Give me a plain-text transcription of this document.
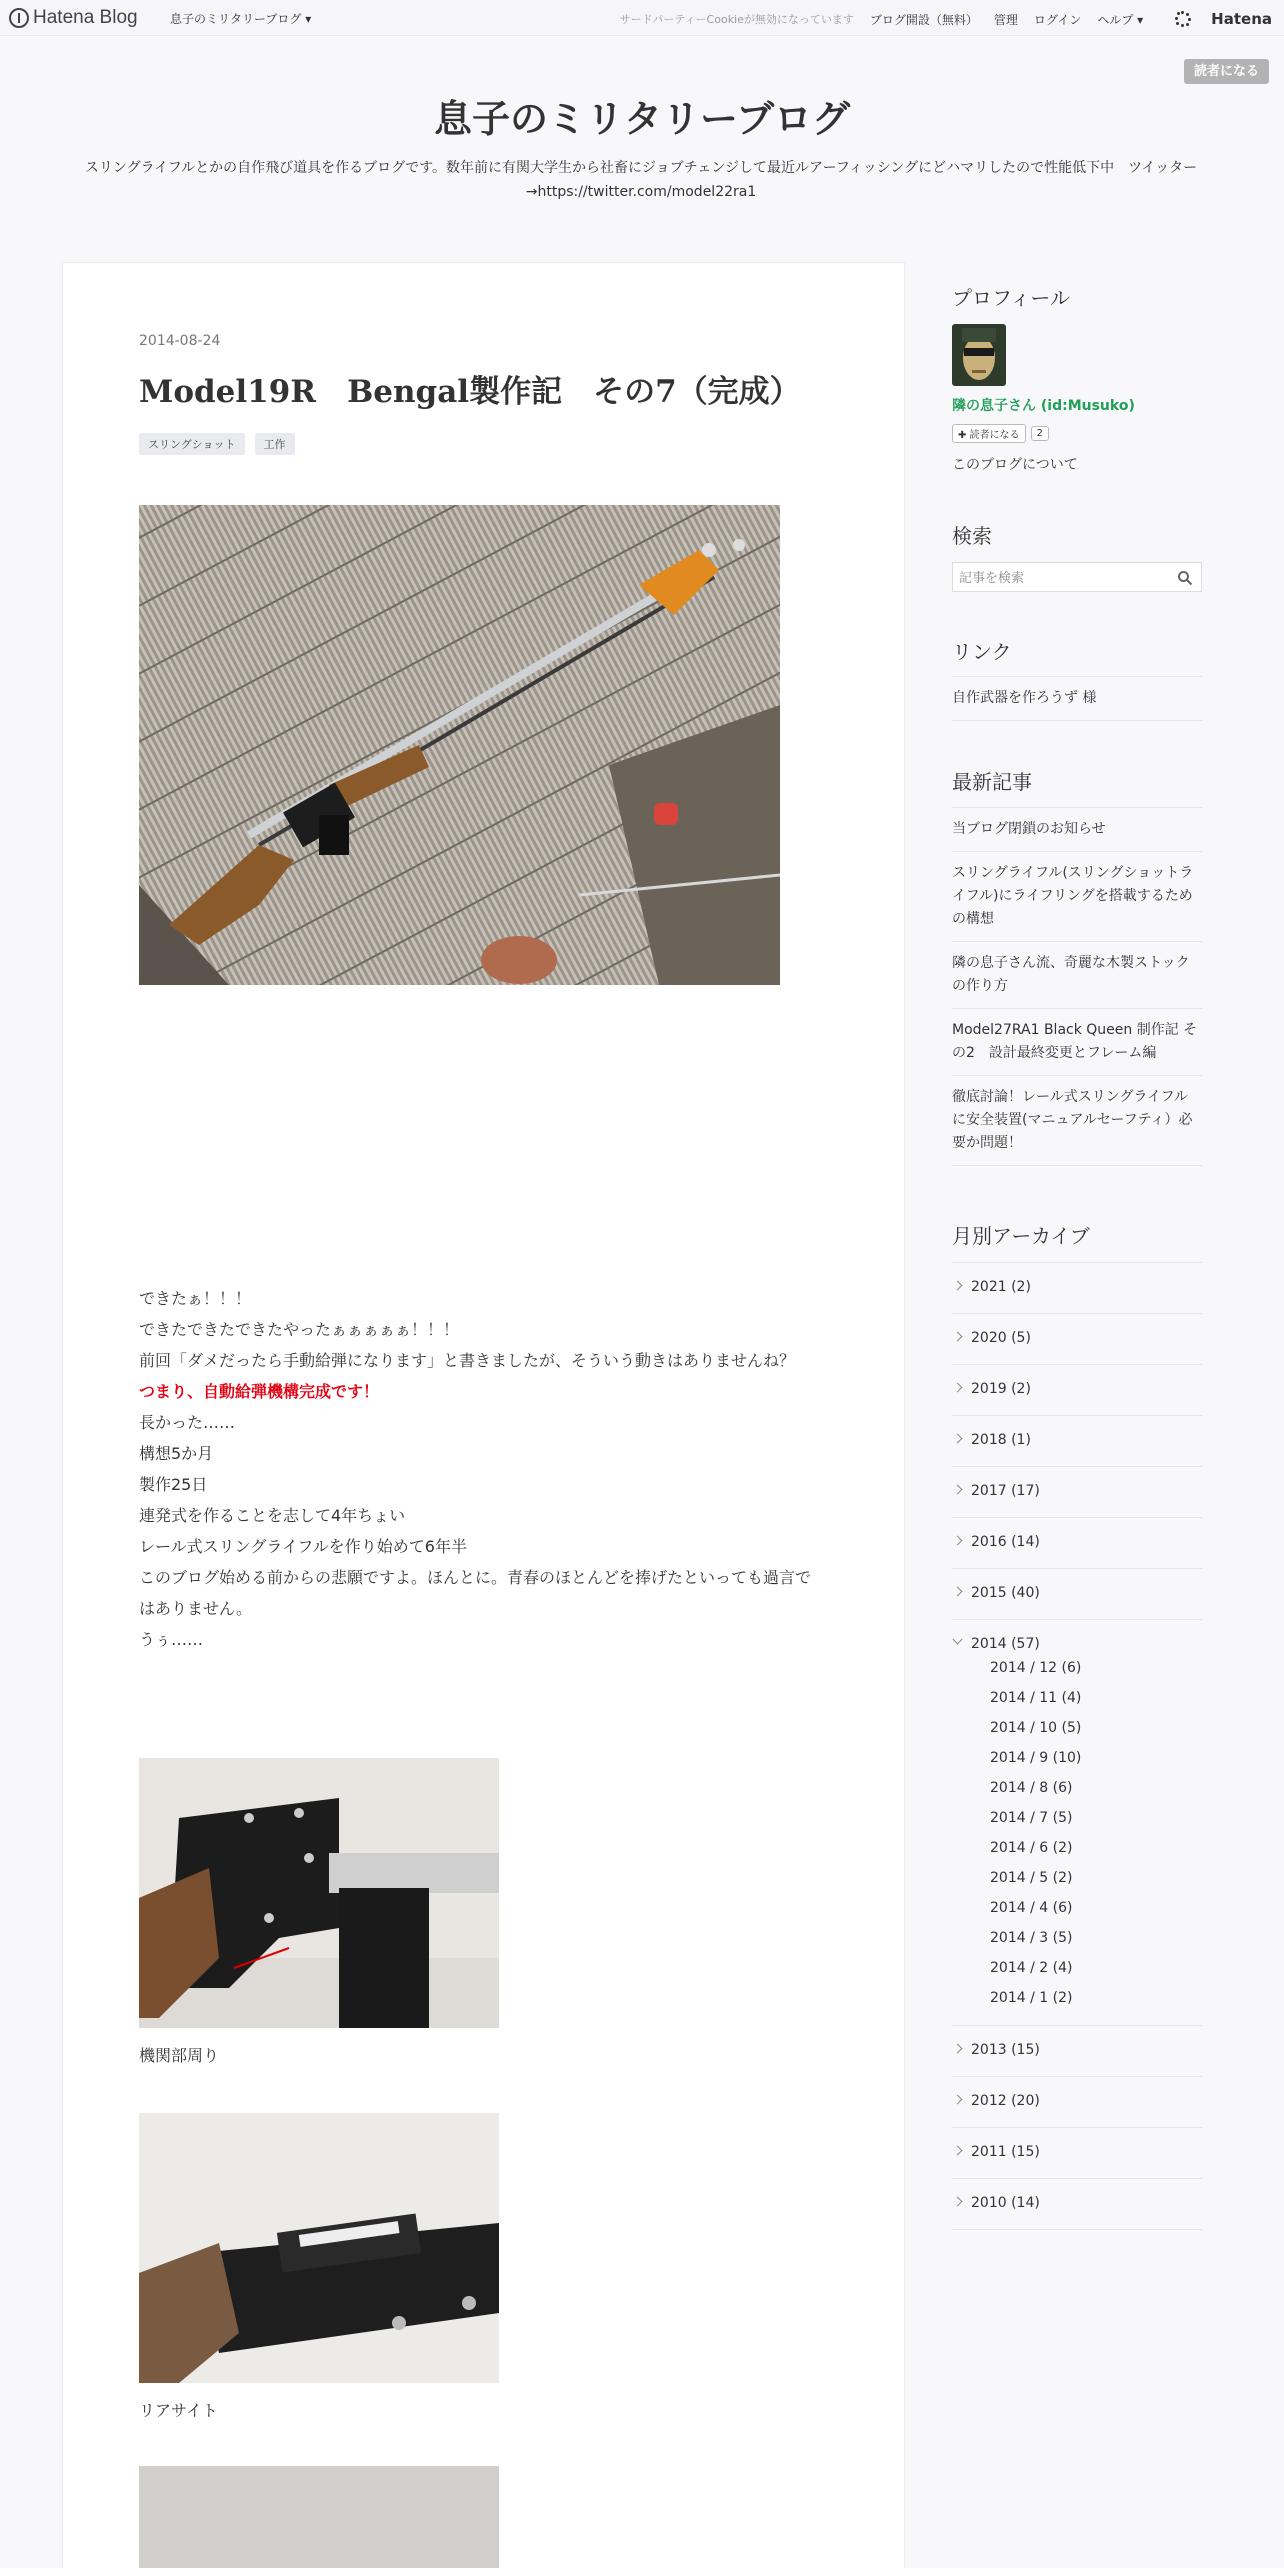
Hatena Blog	息子のミリタリーブログ ▾	サードパーティーCookieが無効になっています ブログ開設（無料） 管理 ログイン ヘルプ ▾	Hatena
読者になる
息子のミリタリーブログ
スリングライフルとかの自作飛び道具を作るブログです。数年前に有関大学生から社畜にジョブチェンジして最近ルアーフィッシングにどハマリしたので性能低下中　ツイッター→https://twitter.com/model22ra1
2014-08-24
Model19R　Bengal製作記　その7（完成）
スリングショット	工作

できたぁ！！！

できたできたできたやったぁぁぁぁぁ！！！

前回「ダメだったら手動給弾になります」と書きましたが、そういう動きはありませんね？

つまり、自動給弾機構完成です！

長かった……

構想5か月

製作25日

連発式を作ることを志して4年ちょい

レール式スリングライフルを作り始めて6年半

このブログ始める前からの悲願ですよ。ほんとに。青春のほとんどを捧げたといっても過言ではありません。

うぅ……

機関部周り
リアサイト
プロフィール
隣の息子さん (id:Musuko)
✚ 読者になる	2
このブログについて
検索
記事を検索
リンク
自作武器を作ろうず 様
最新記事
当ブログ閉鎖のお知らせ
スリングライフル(スリングショットライフル)にライフリングを搭載するための構想
隣の息子さん流、奇麗な木製ストックの作り方
Model27RA1 Black Queen 制作記 その2　設計最終変更とフレーム編
徹底討論！レール式スリングライフルに安全装置(マニュアルセーフティ）必要か問題！
月別アーカイブ
2021 (2)
2020 (5)
2019 (2)
2018 (1)
2017 (17)
2016 (14)
2015 (40)
2014 (57)
2014 / 12 (6)
2014 / 11 (4)
2014 / 10 (5)
2014 / 9 (10)
2014 / 8 (6)
2014 / 7 (5)
2014 / 6 (2)
2014 / 5 (2)
2014 / 4 (6)
2014 / 3 (5)
2014 / 2 (4)
2014 / 1 (2)
2013 (15)
2012 (20)
2011 (15)
2010 (14)
